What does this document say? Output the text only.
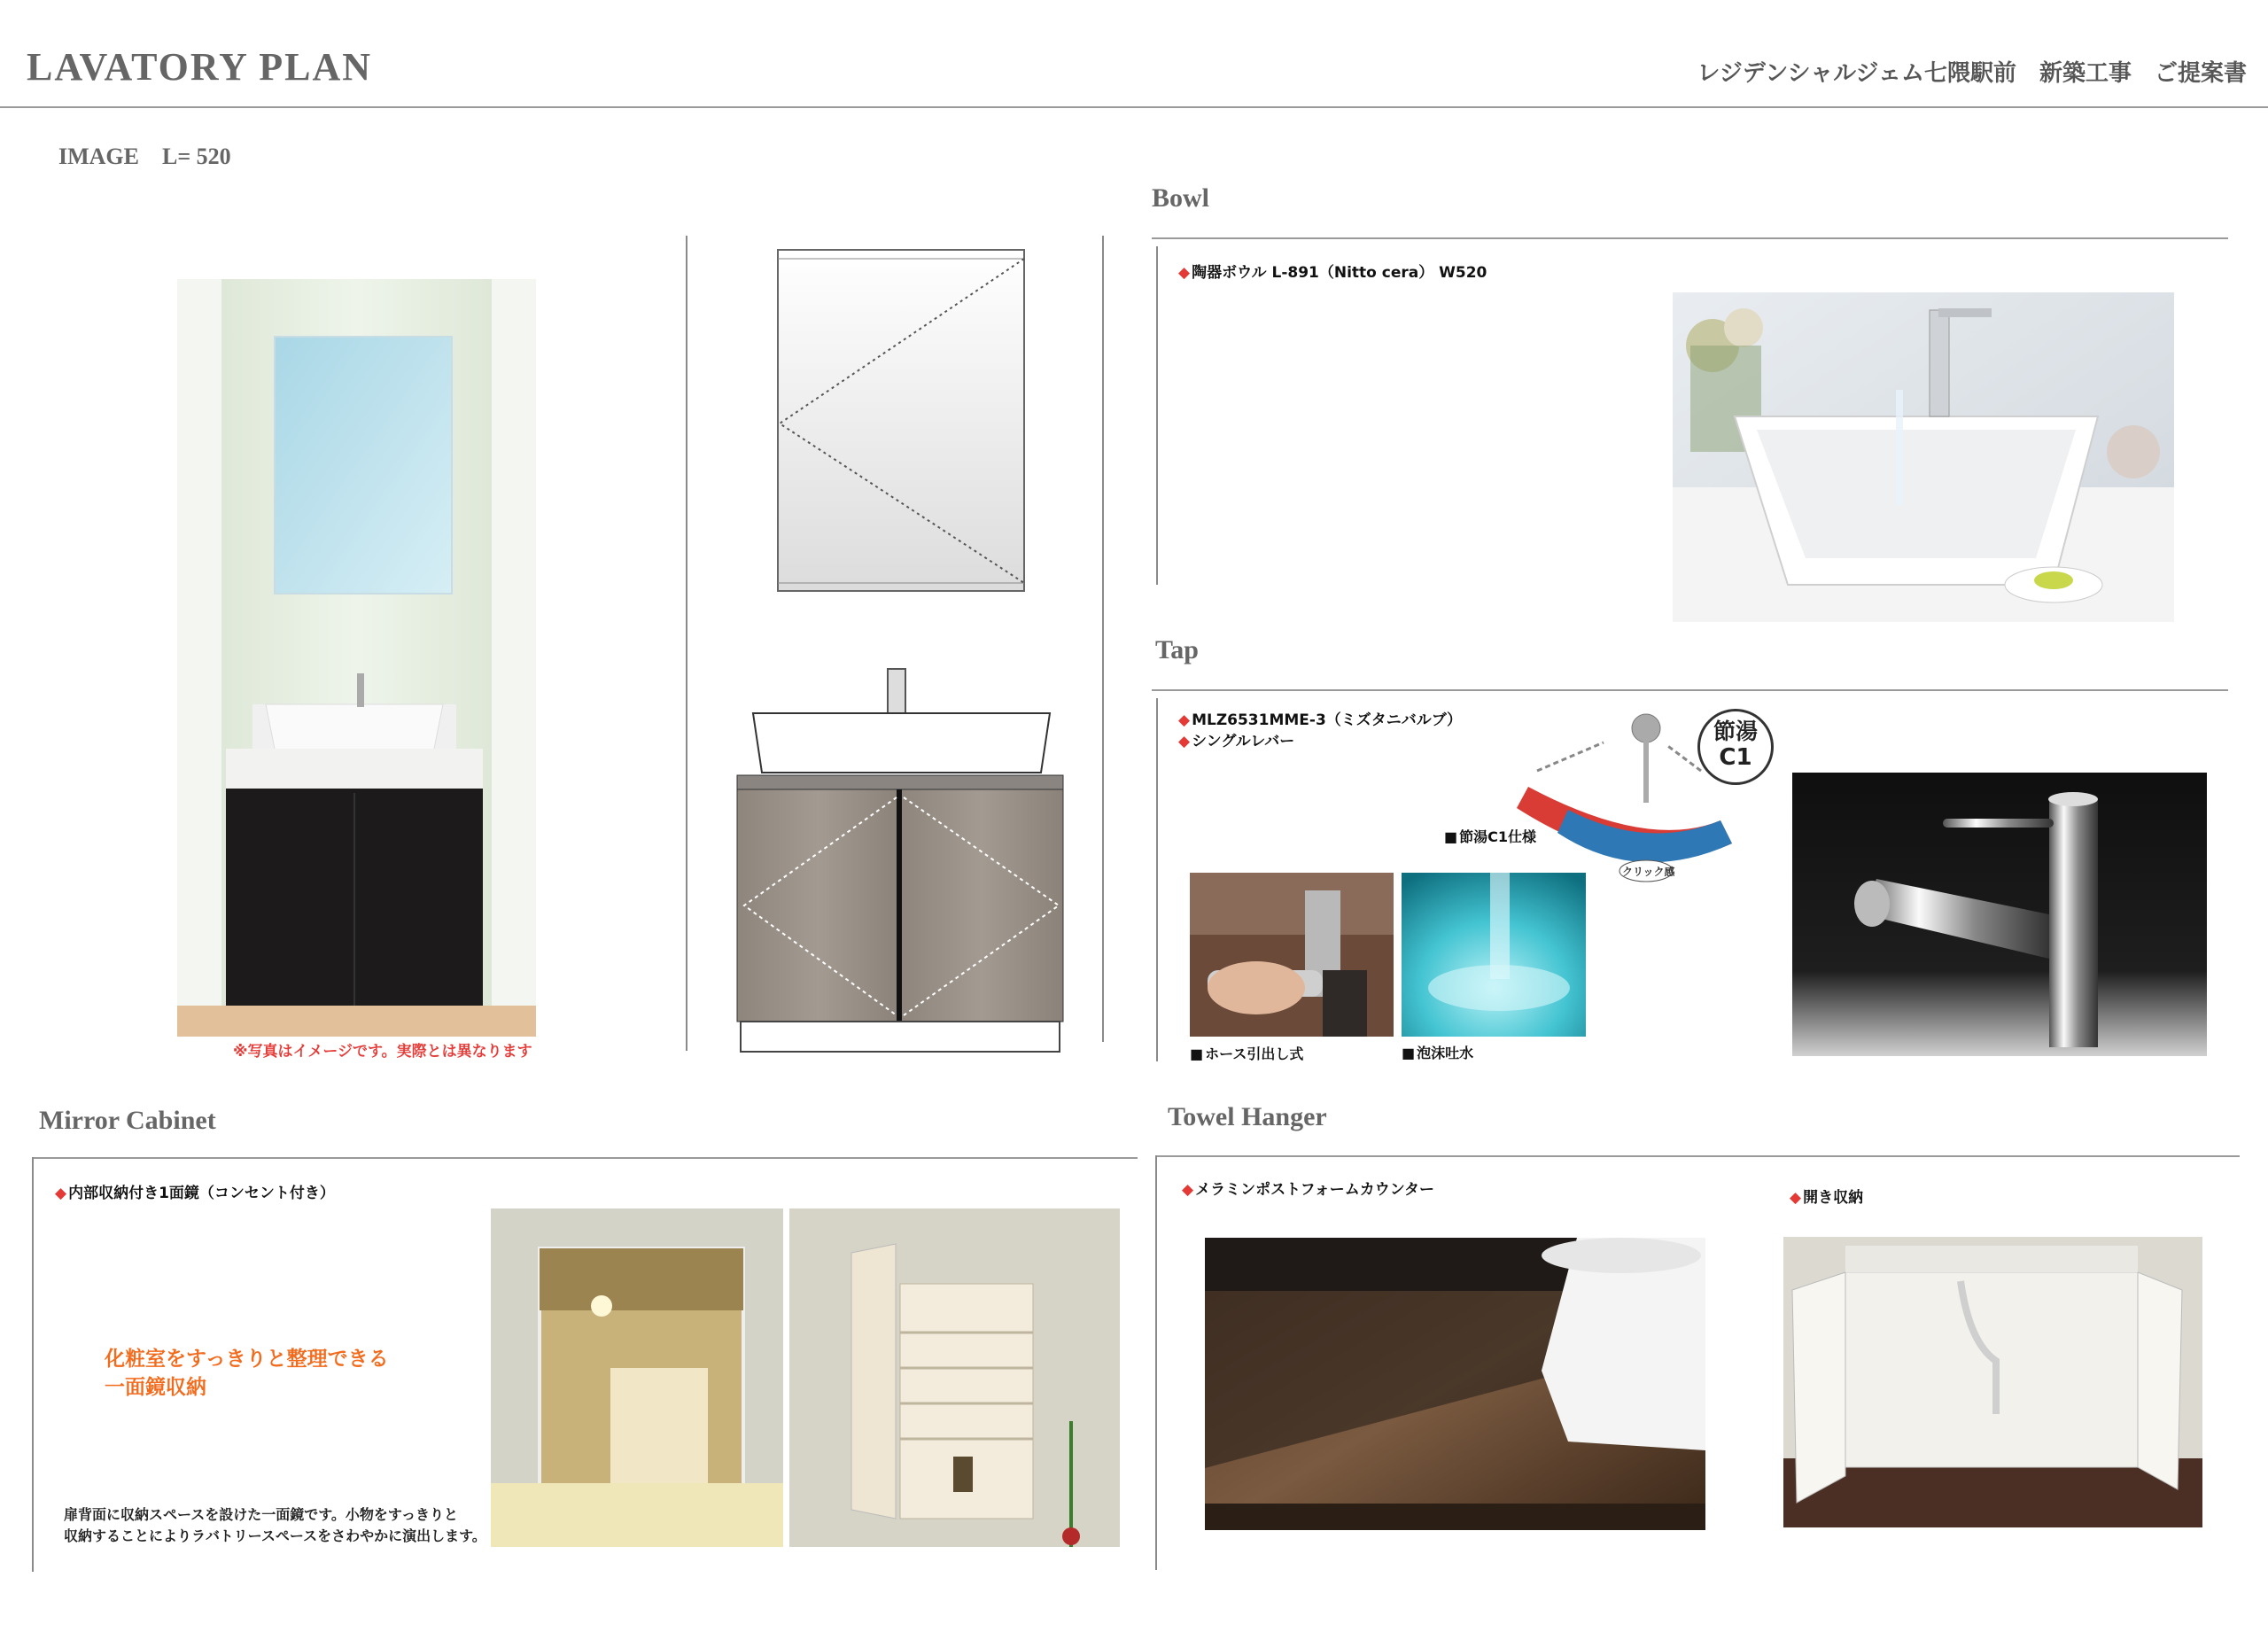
LAVATORY PLAN	レジデンシャルジェム七隈駅前　新築工事　ご提案書
IMAGE　L= 520
※写真はイメージです。実際とは異なります
Bowl
◆ 陶器ボウル L-891（Nitto cera） W520
Tap
◆ MLZ6531MME-3（ミズタニバルブ）
◆ シングルレバー
クリック感
節湯
C1
■ 節湯C1仕様
■ ホース引出し式	■ 泡沫吐水
Mirror Cabinet
◆ 内部収納付き1面鏡（コンセント付き）
化粧室をすっきりと整理できる
一面鏡収納
扉背面に収納スペースを設けた一面鏡です。小物をすっきりと
収納することによりラバトリースペースをさわやかに演出します。
Towel Hanger
◆ メラミンポストフォームカウンター	◆ 開き収納
